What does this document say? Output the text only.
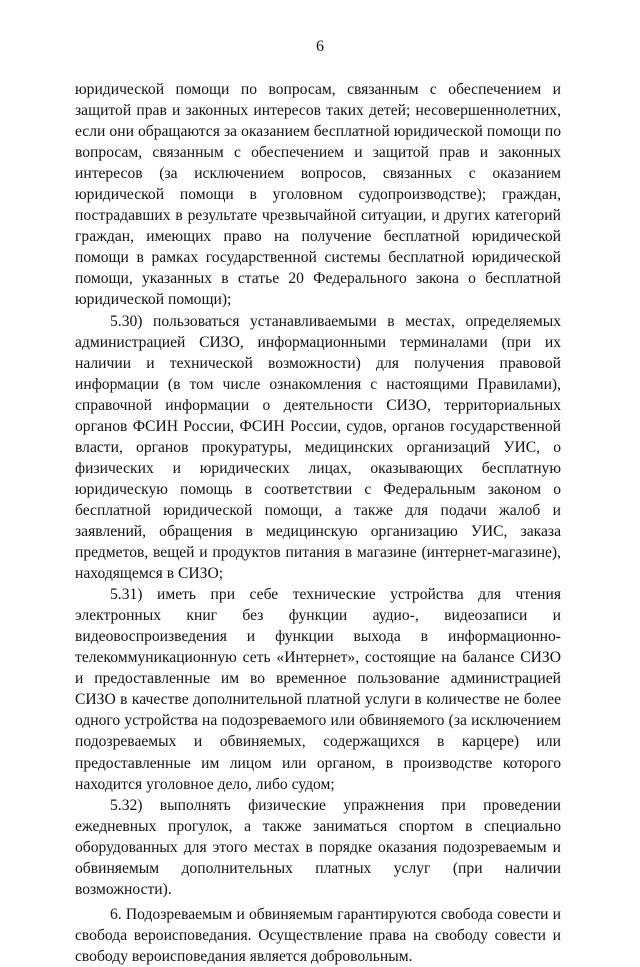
6

юридической помощи по вопросам, связанным с обеспечением и защитой прав и законных интересов таких детей; несовершеннолетних, если они обращаются за оказанием бесплатной юридической помощи по вопросам, связанным с обеспечением и защитой прав и законных интересов (за исключением вопросов, связанных с оказанием юридической помощи в уголовном судопроизводстве); граждан, пострадавших в результате чрезвычайной ситуации, и других категорий граждан, имеющих право на получение бесплатной юридической помощи в рамках государственной системы бесплатной юридической помощи, указанных в статье 20 Федерального закона о бесплатной юридической помощи);

5.30) пользоваться устанавливаемыми в местах, определяемых администрацией СИЗО, информационными терминалами (при их наличии и технической возможности) для получения правовой информации (в том числе ознакомления с настоящими Правилами), справочной информации о деятельности СИЗО, территориальных органов ФСИН России, ФСИН России, судов, органов государственной власти, органов прокуратуры, медицинских организаций УИС, о физических и юридических лицах, оказывающих бесплатную юридическую помощь в соответствии с Федеральным законом о бесплатной юридической помощи, а также для подачи жалоб и заявлений, обращения в медицинскую организацию УИС, заказа предметов, вещей и продуктов питания в магазине (интернет-магазине), находящемся в СИЗО;

5.31) иметь при себе технические устройства для чтения электронных книг без функции аудио-, видеозаписи и видеовоспроизведения и функции выхода в информационно-телекоммуникационную сеть «Интернет», состоящие на балансе СИЗО и предоставленные им во временное пользование администрацией СИЗО в качестве дополнительной платной услуги в количестве не более одного устройства на подозреваемого или обвиняемого (за исключением подозреваемых и обвиняемых, содержащихся в карцере) или предоставленные им лицом или органом, в производстве которого находится уголовное дело, либо судом;

5.32) выполнять физические упражнения при проведении ежедневных прогулок, а также заниматься спортом в специально оборудованных для этого местах в порядке оказания подозреваемым и обвиняемым дополнительных платных услуг (при наличии возможности).

6. Подозреваемым и обвиняемым гарантируются свобода совести и свобода вероисповедания. Осуществление права на свободу совести и свободу вероисповедания является добровольным.
